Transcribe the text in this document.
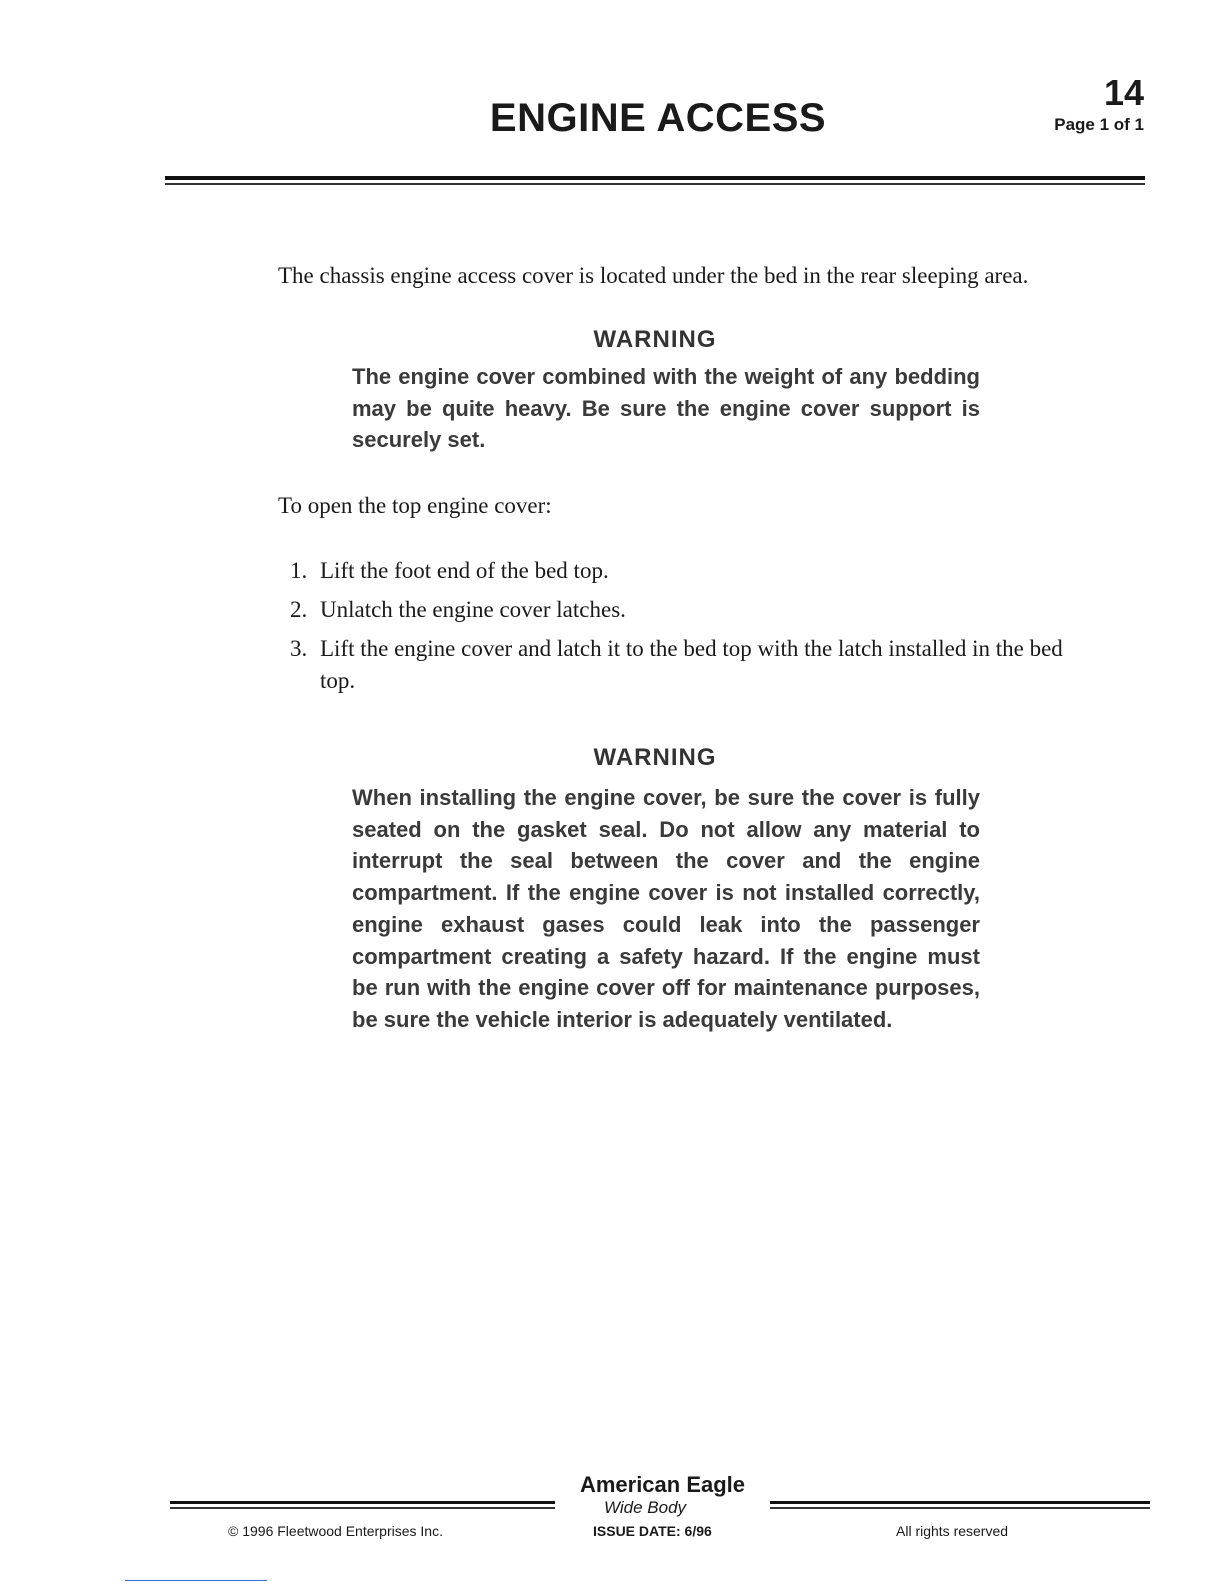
14
Page 1 of 1
ENGINE ACCESS

The chassis engine access cover is located under the bed in the rear sleeping area.

WARNING

The engine cover combined with the weight of any bedding may be quite heavy. Be sure the engine cover support is securely set.

To open the top engine cover:

1. Lift the foot end of the bed top.
2. Unlatch the engine cover latches.
3. Lift the engine cover and latch it to the bed top with the latch installed in the bed top.
WARNING

When installing the engine cover, be sure the cover is fully seated on the gasket seal. Do not allow any material to interrupt the seal between the cover and the engine compartment. If the engine cover is not installed correctly, engine exhaust gases could leak into the passenger compartment creating a safety hazard. If the engine must be run with the engine cover off for maintenance purposes, be sure the vehicle interior is adequately ventilated.

American Eagle
Wide Body
© 1996 Fleetwood Enterprises Inc.	ISSUE DATE: 6/96	All rights reserved
